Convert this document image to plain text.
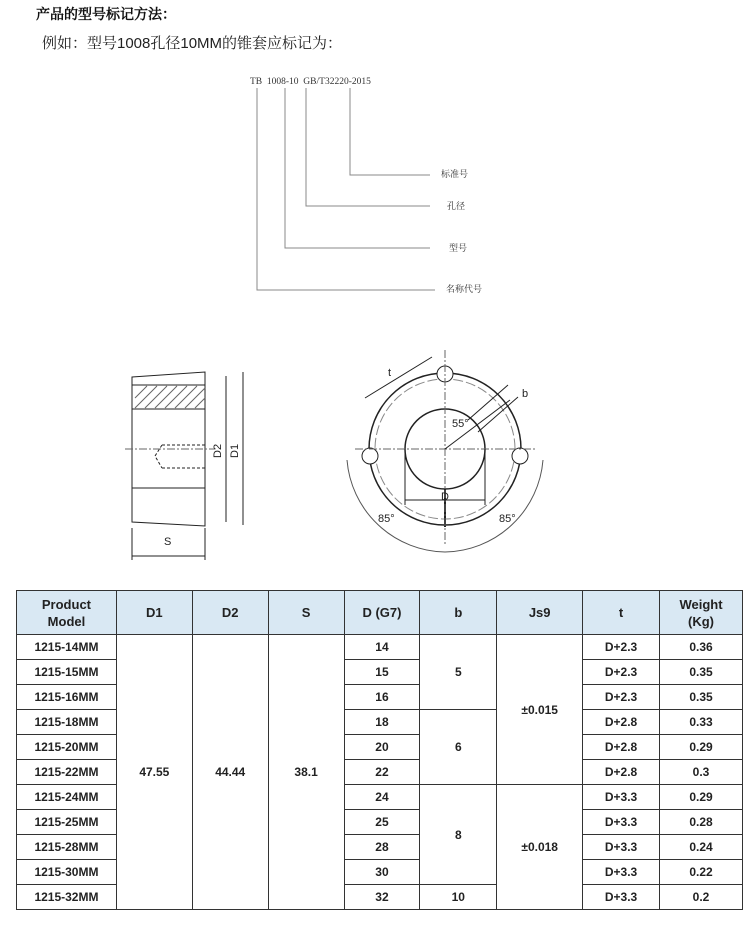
产品的型号标记方法：
例如：型号1008孔径10MM的锥套应标记为：
TB  1008-10  GB/T32220-2015
标准号
孔径
型号
名称代号
D2 D1
S
t
b
55°
D
85°	85°
Product Model	D1	D2	S	D (G7)	b	Js9	t	Weight (Kg)
1215-14MM	47.55	44.44	38.1	14	5	±0.015	D+2.3	0.36
1215-15MM				15			D+2.3	0.35
1215-16MM				16			D+2.3	0.35
1215-18MM				18	6		D+2.8	0.33
1215-20MM				20			D+2.8	0.29
1215-22MM				22			D+2.8	0.3
1215-24MM				24	8	±0.018	D+3.3	0.29
1215-25MM				25			D+3.3	0.28
1215-28MM				28			D+3.3	0.24
1215-30MM				30			D+3.3	0.22
1215-32MM				32	10		D+3.3	0.2
